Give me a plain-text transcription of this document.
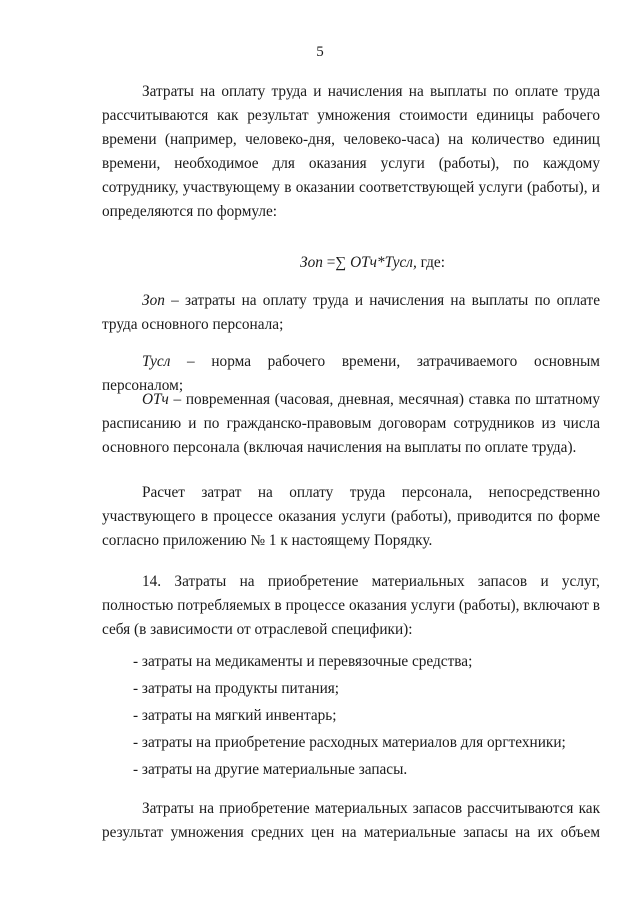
5

Затраты на оплату труда и начисления на выплаты по оплате труда рассчитываются как результат умножения стоимости единицы рабочего времени (например, человеко-дня, человеко-часа) на количество единиц времени, необходимое для оказания услуги (работы), по каждому сотруднику, участвующему в оказании соответствующей услуги (работы), и определяются по формуле:

Зоп =∑ ОТч*Тусл, где:

Зоп – затраты на оплату труда и начисления на выплаты по оплате труда основного персонала;

Тусл – норма рабочего времени, затрачиваемого основным персоналом;

ОТч – повременная (часовая, дневная, месячная) ставка по штатному расписанию и по гражданско-правовым договорам сотрудников из числа основного персонала (включая начисления на выплаты по оплате труда).

Расчет затрат на оплату труда персонала, непосредственно участвующего в процессе оказания услуги (работы), приводится по форме согласно приложению № 1 к настоящему Порядку.

14. Затраты на приобретение материальных запасов и услуг, полностью потребляемых в процессе оказания услуги (работы), включают в себя (в зависимости от отраслевой специфики):

- затраты на медикаменты и перевязочные средства;

- затраты на продукты питания;

- затраты на мягкий инвентарь;

- затраты на приобретение расходных материалов для оргтехники;

- затраты на другие материальные запасы.

Затраты на приобретение материальных запасов рассчитываются как результат умножения средних цен на материальные запасы на их объем
